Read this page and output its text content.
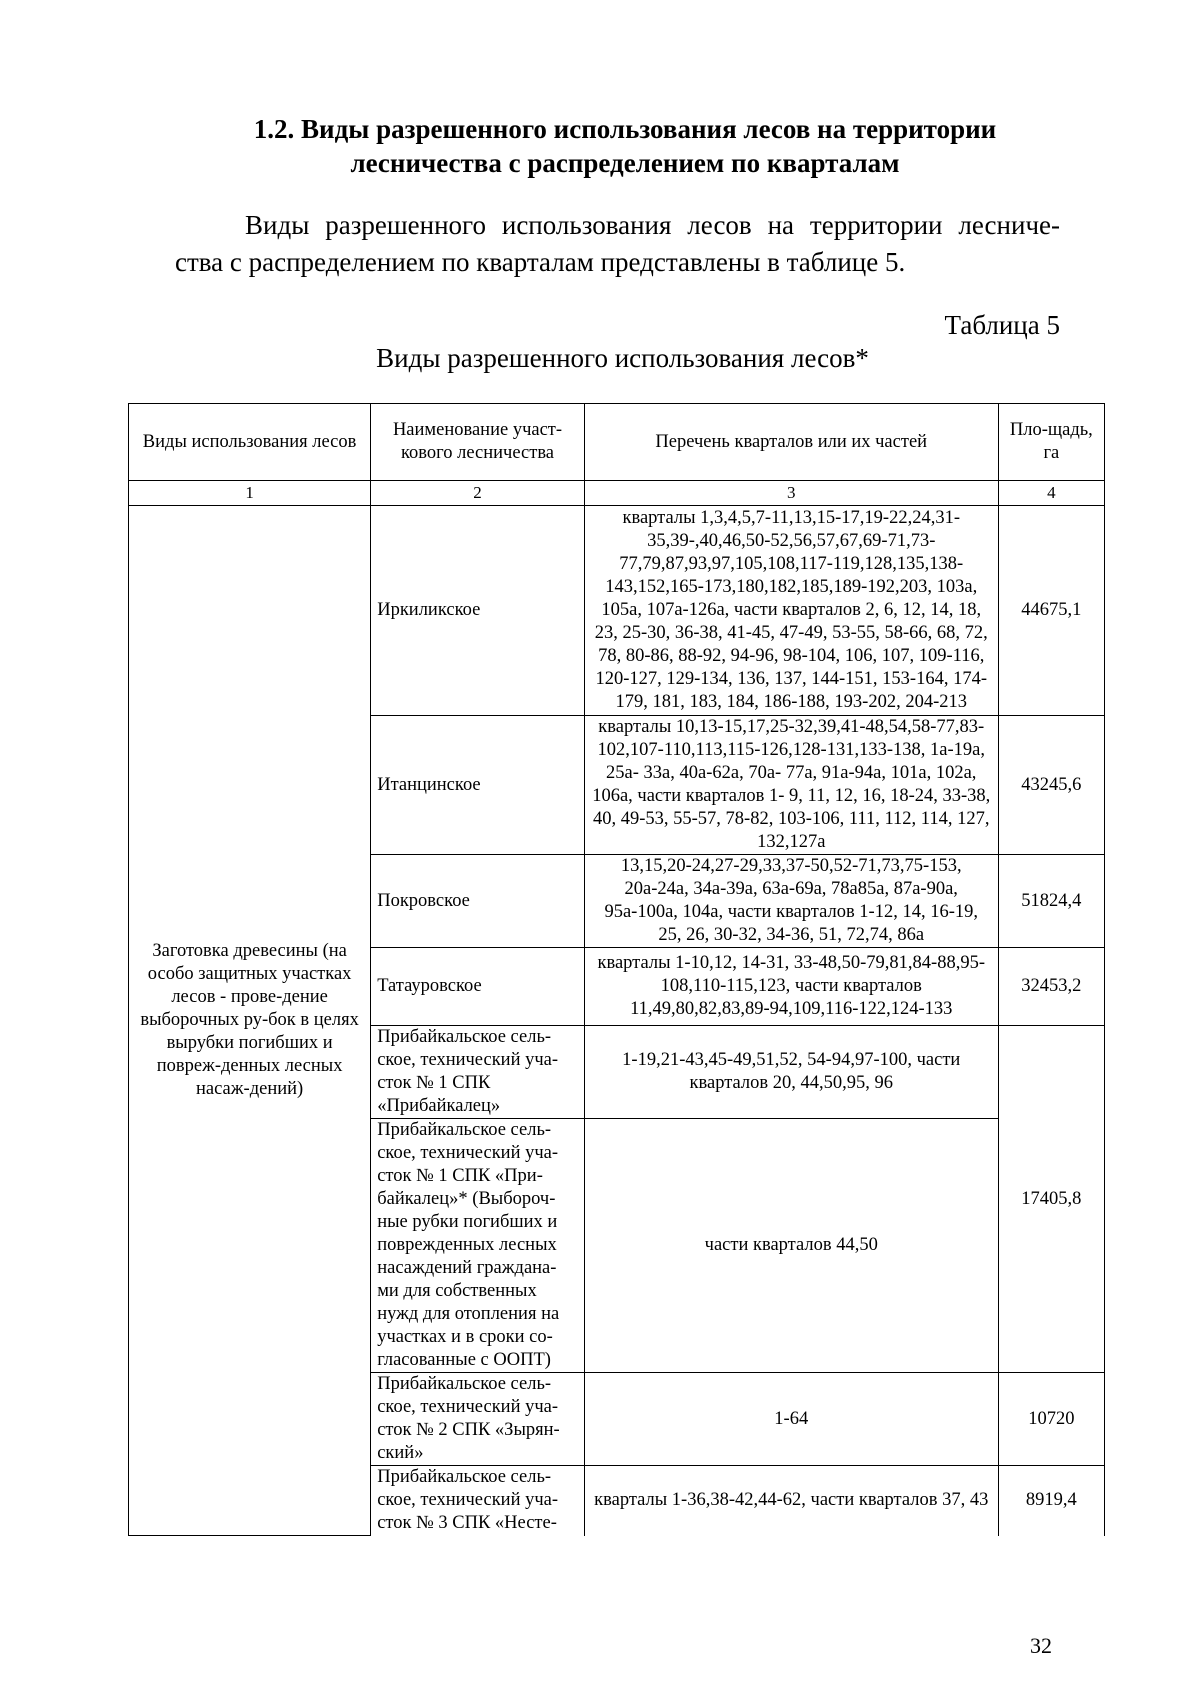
1.2. Виды разрешенного использования лесов на территории
лесничества с распределением по кварталам
Виды разрешенного использования лесов на территории лесниче-
ства с распределением по кварталам представлены в таблице 5.
Таблица 5
Виды разрешенного использования лесов*
Виды использования лесов	Наименование участ-кового лесничества	Перечень кварталов или их частей	Пло-щадь, га
1	2	3	4
Заготовка древесины (на особо защитных участках лесов - прове-дение выборочных ру-бок в целях вырубки погибших и повреж-денных лесных насаж-дений)	Иркиликское	кварталы 1,3,4,5,7-11,13,15-17,19-22,24,31-35,39-,40,46,50-52,56,57,67,69-71,73-77,79,87,93,97,105,108,117-119,128,135,138-143,152,165-173,180,182,185,189-192,203, 103а, 105а, 107а-126а, части кварталов 2, 6, 12, 14, 18, 23, 25-30, 36-38, 41-45, 47-49, 53-55, 58-66, 68, 72, 78, 80-86, 88-92, 94-96, 98-104, 106, 107, 109-116, 120-127, 129-134, 136, 137, 144-151, 153-164, 174-179, 181, 183, 184, 186-188, 193-202, 204-213	44675,1
	Итанцинское	кварталы 10,13-15,17,25-32,39,41-48,54,58-77,83-102,107-110,113,115-126,128-131,133-138, 1а-19а, 25а- 33а, 40а-62а, 70а- 77а, 91а-94а, 101а, 102а, 106а, части кварталов 1- 9, 11, 12, 16, 18-24, 33-38, 40, 49-53, 55-57, 78-82, 103-106, 111, 112, 114, 127, 132,127а	43245,6
	Покровское	13,15,20-24,27-29,33,37-50,52-71,73,75-153, 20а-24а, 34а-39а, 63а-69а, 78а85а, 87а-90а, 95а-100а, 104а, части кварталов 1-12, 14, 16-19, 25, 26, 30-32, 34-36, 51, 72,74, 86а	51824,4
	Татауровское	кварталы 1-10,12, 14-31, 33-48,50-79,81,84-88,95-108,110-115,123, части кварталов 11,49,80,82,83,89-94,109,116-122,124-133	32453,2
	Прибайкальское сель-ское, технический уча-сток № 1 СПК «Прибайкалец»	1-19,21-43,45-49,51,52, 54-94,97-100, части кварталов 20, 44,50,95, 96	17405,8
	Прибайкальское сель-ское, технический уча-сток № 1 СПК «При-байкалец»* (Выбороч-ные рубки погибших и поврежденных лесных насаждений граждана-ми для собственных нужд для отопления на участках и в сроки со-гласованные с ООПТ)	части кварталов 44,50	
	Прибайкальское сель-ское, технический уча-сток № 2 СПК «Зырян-ский»	1-64	10720
	Прибайкальское сель-ское, технический уча-сток № 3 СПК «Несте-	кварталы 1-36,38-42,44-62, части кварталов 37, 43	8919,4
32
